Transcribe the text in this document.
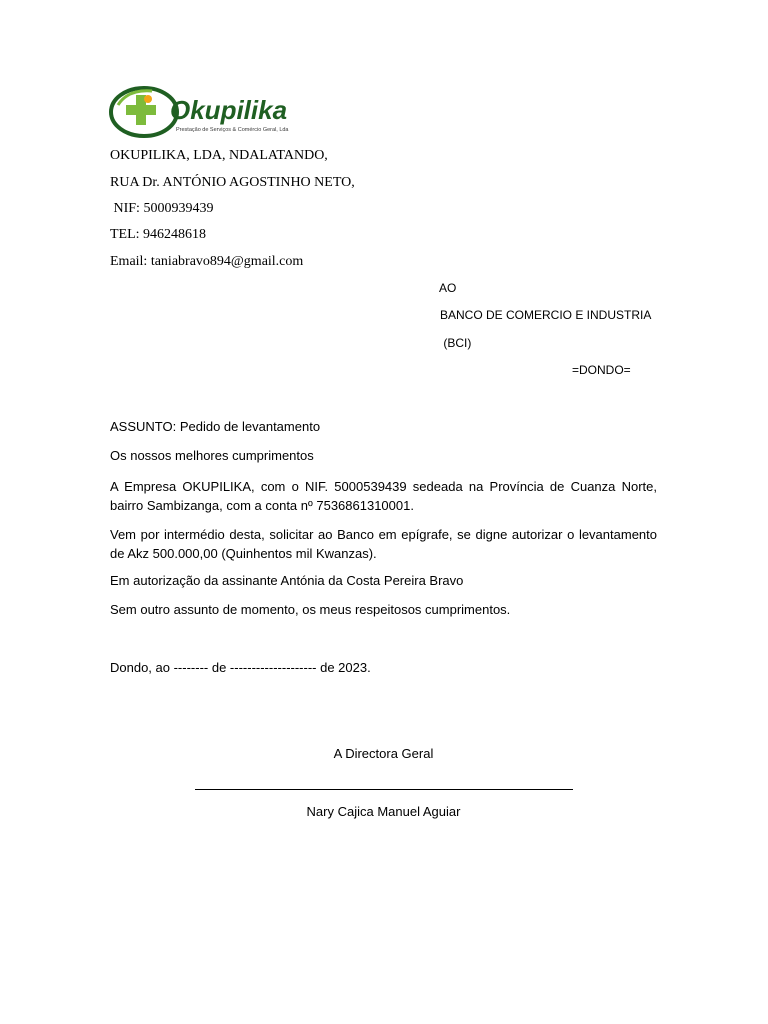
Okupilika
Prestação de Serviços & Comércio Geral, Lda
OKUPILIKA, LDA, NDALATANDO,
RUA Dr. ANTÓNIO AGOSTINHO NETO,
NIF: 5000939439
TEL: 946248618
Email: taniabravo894@gmail.com
AO
BANCO DE COMERCIO E INDUSTRIA
(BCI)
=DONDO=
ASSUNTO: Pedido de levantamento
Os nossos melhores cumprimentos
A Empresa OKUPILIKA, com o NIF. 5000539439 sedeada na Província de Cuanza Norte, bairro Sambizanga, com a conta nº 7536861310001.
Vem por intermédio desta, solicitar ao Banco em epígrafe, se digne autorizar o levantamento de Akz 500.000,00 (Quinhentos mil Kwanzas).
Em autorização da assinante Antónia da Costa Pereira Bravo
Sem outro assunto de momento, os meus respeitosos cumprimentos.
Dondo, ao -------- de -------------------- de 2023.
A Directora Geral
Nary Cajica Manuel Aguiar
